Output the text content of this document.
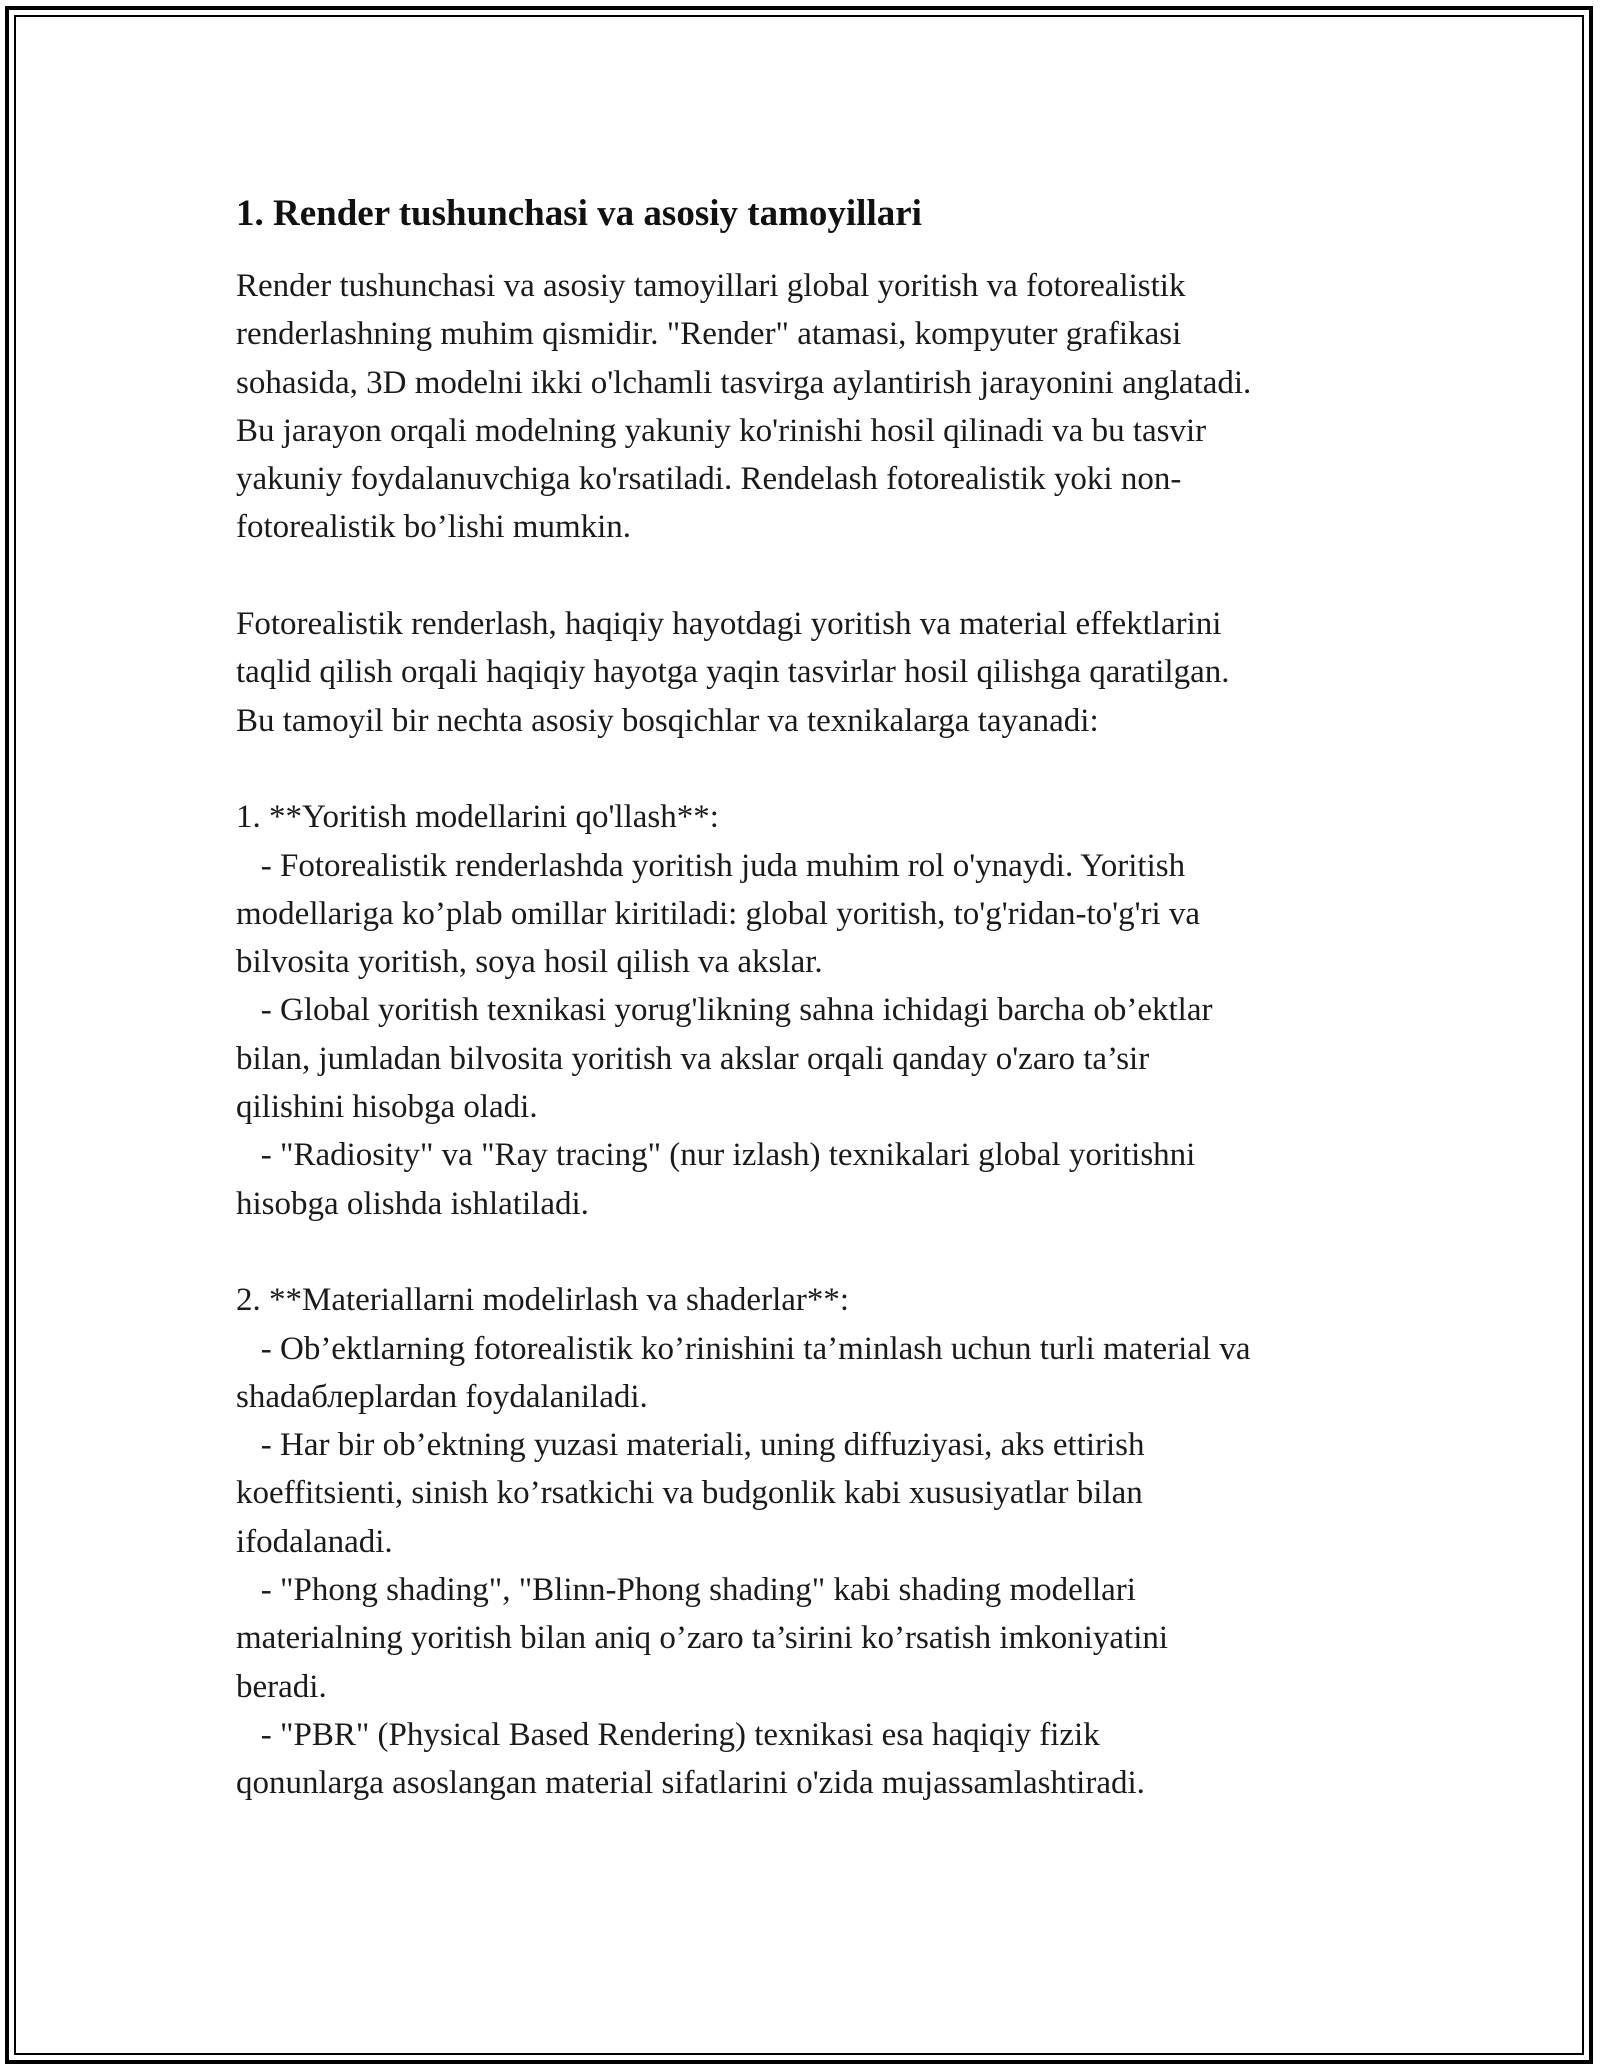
1. Render tushunchasi va asosiy tamoyillari

Render tushunchasi va asosiy tamoyillari global yoritish va fotorealistik
renderlashning muhim qismidir. "Render" atamasi, kompyuter grafikasi
sohasida, 3D modelni ikki o'lchamli tasvirga aylantirish jarayonini anglatadi.
Bu jarayon orqali modelning yakuniy ko'rinishi hosil qilinadi va bu tasvir
yakuniy foydalanuvchiga ko'rsatiladi. Rendelash fotorealistik yoki non-
fotorealistik bo’lishi mumkin.

Fotorealistik renderlash, haqiqiy hayotdagi yoritish va material effektlarini
taqlid qilish orqali haqiqiy hayotga yaqin tasvirlar hosil qilishga qaratilgan.
Bu tamoyil bir nechta asosiy bosqichlar va texnikalarga tayanadi:

1. **Yoritish modellarini qo'llash**:
- Fotorealistik renderlashda yoritish juda muhim rol o'ynaydi. Yoritish
modellariga ko’plab omillar kiritiladi: global yoritish, to'g'ridan-to'g'ri va
bilvosita yoritish, soya hosil qilish va akslar.
- Global yoritish texnikasi yorug'likning sahna ichidagi barcha ob’ektlar
bilan, jumladan bilvosita yoritish va akslar orqali qanday o'zaro ta’sir
qilishini hisobga oladi.
- "Radiosity" va "Ray tracing" (nur izlash) texnikalari global yoritishni
hisobga olishda ishlatiladi.

2. **Materiallarni modelirlash va shaderlar**:
- Ob’ektlarning fotorealistik ko’rinishini ta’minlash uchun turli material va
shadaблерlardan foydalaniladi.
- Har bir ob’ektning yuzasi materiali, uning diffuziyasi, aks ettirish
koeffitsienti, sinish ko’rsatkichi va budgonlik kabi xususiyatlar bilan
ifodalanadi.
- "Phong shading", "Blinn-Phong shading" kabi shading modellari
materialning yoritish bilan aniq o’zaro ta’sirini ko’rsatish imkoniyatini
beradi.
- "PBR" (Physical Based Rendering) texnikasi esa haqiqiy fizik
qonunlarga asoslangan material sifatlarini o'zida mujassamlashtiradi.
